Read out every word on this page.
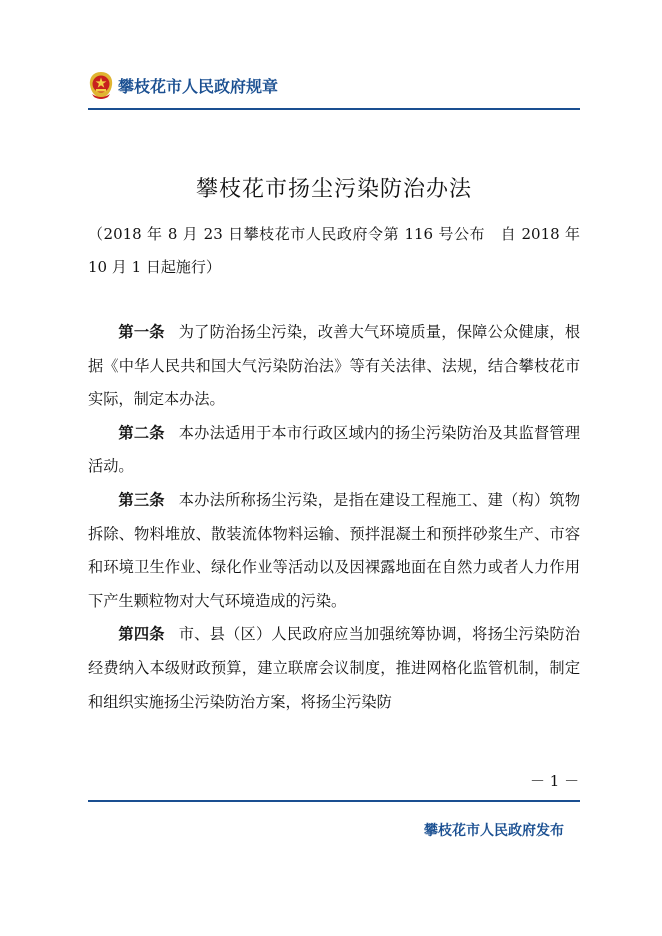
攀枝花市人民政府规章
攀枝花市扬尘污染防治办法
（2018 年 8 月 23 日攀枝花市人民政府令第 116 号公布　自 2018 年 10 月 1 日起施行）

第一条 为了防治扬尘污染，改善大气环境质量，保障公众健康，根据《中华人民共和国大气污染防治法》等有关法律、法规，结合攀枝花市实际，制定本办法。

第二条 本办法适用于本市行政区域内的扬尘污染防治及其监督管理活动。

第三条 本办法所称扬尘污染，是指在建设工程施工、建（构）筑物拆除、物料堆放、散装流体物料运输、预拌混凝土和预拌砂浆生产、市容和环境卫生作业、绿化作业等活动以及因裸露地面在自然力或者人力作用下产生颗粒物对大气环境造成的污染。

第四条 市、县（区）人民政府应当加强统筹协调，将扬尘污染防治经费纳入本级财政预算，建立联席会议制度，推进网格化监管机制，制定和组织实施扬尘污染防治方案，将扬尘污染防

－ 1 －
攀枝花市人民政府发布
